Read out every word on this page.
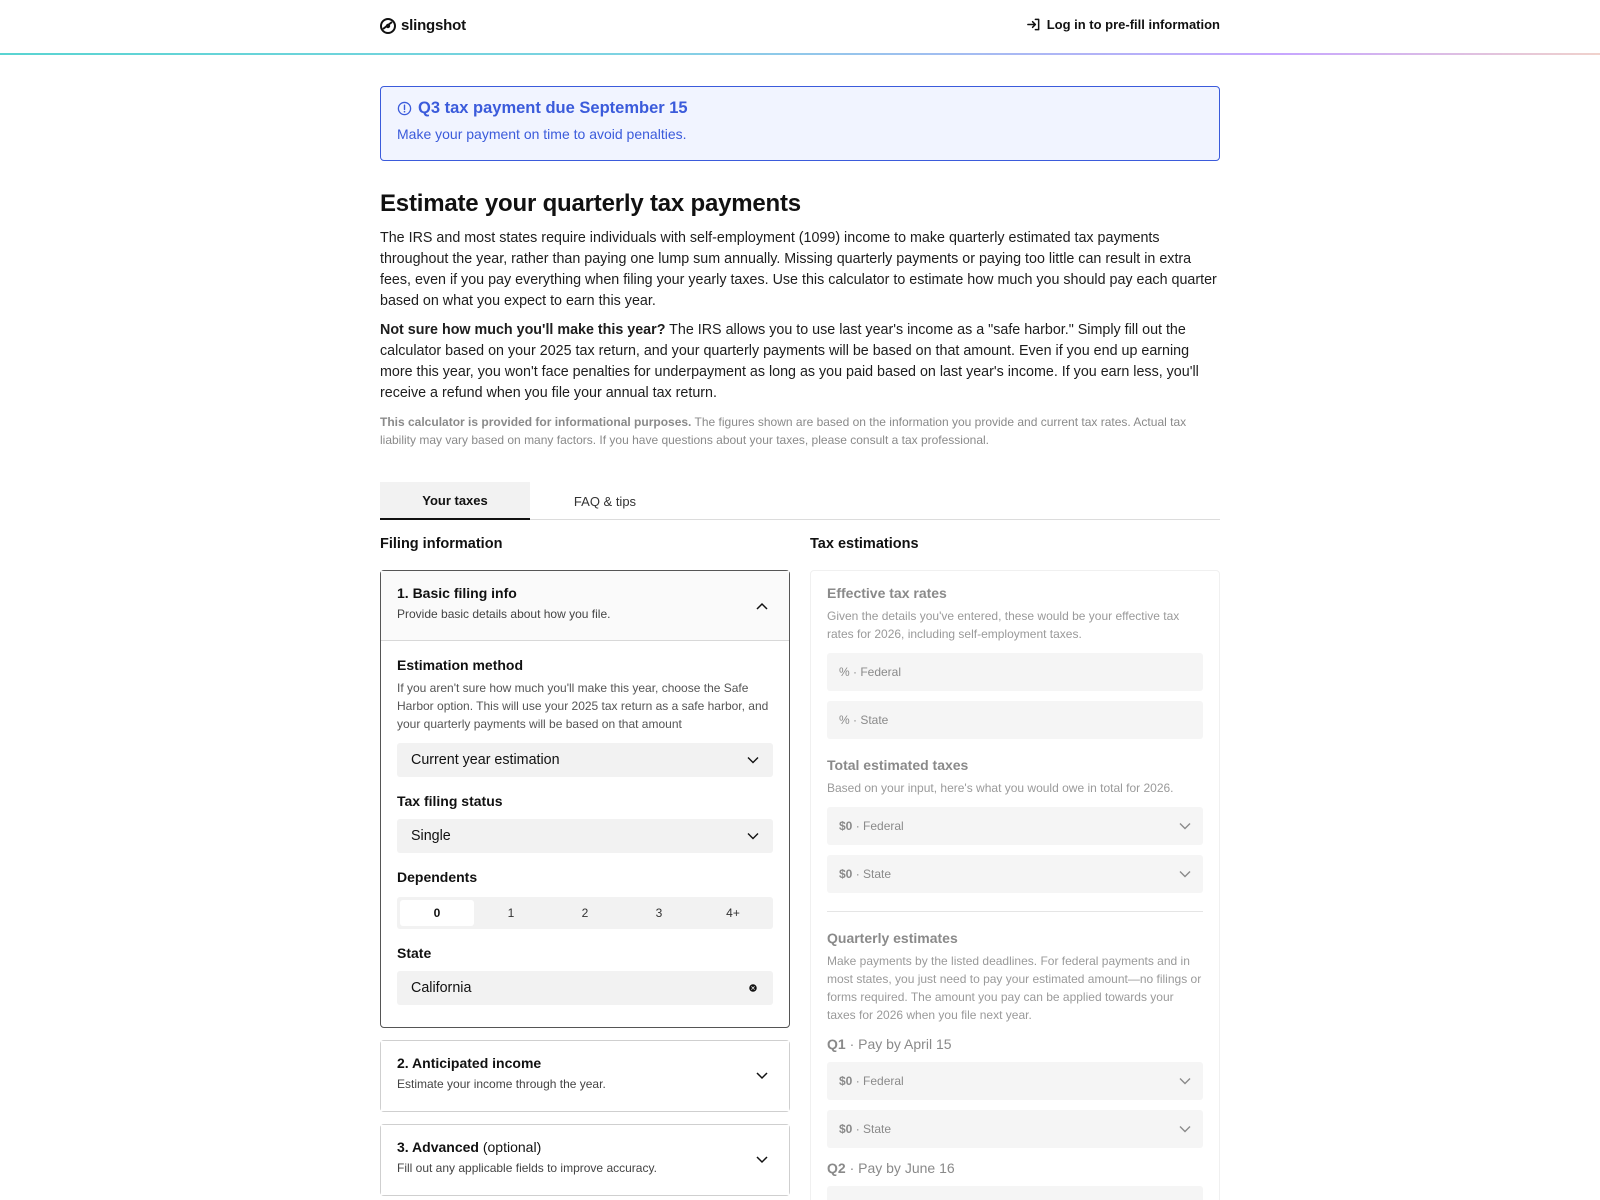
slingshot	Log in to pre-fill information
Q3 tax payment due September 15
Make your payment on time to avoid penalties.
Estimate your quarterly tax payments

The IRS and most states require individuals with self-employment (1099) income to make quarterly estimated tax payments throughout the year, rather than paying one lump sum annually. Missing quarterly payments or paying too little can result in extra fees, even if you pay everything when filing your yearly taxes. Use this calculator to estimate how much you should pay each quarter based on what you expect to earn this year.

Not sure how much you'll make this year? The IRS allows you to use last year's income as a "safe harbor." Simply fill out the calculator based on your 2025 tax return, and your quarterly payments will be based on that amount. Even if you end up earning more this year, you won't face penalties for underpayment as long as you paid based on last year's income. If you earn less, you'll receive a refund when you file your annual tax return.

This calculator is provided for informational purposes. The figures shown are based on the information you provide and current tax rates. Actual tax liability may vary based on many factors. If you have questions about your taxes, please consult a tax professional.

Your taxes	FAQ & tips
Filing information	Tax estimations
1. Basic filing info
Provide basic details about how you file.
Estimation method
If you aren't sure how much you'll make this year, choose the Safe Harbor option. This will use your 2025 tax return as a safe harbor, and your quarterly payments will be based on that amount
Current year estimation
Tax filing status
Single
Dependents
0	1	2	3	4+
State
California
2. Anticipated income
Estimate your income through the year.
3. Advanced (optional)
Fill out any applicable fields to improve accuracy.
Effective tax rates
Given the details you've entered, these would be your effective tax rates for 2026, including self-employment taxes.
% · Federal
% · State
Total estimated taxes
Based on your input, here's what you would owe in total for 2026.
$0 · Federal
$0 · State
Quarterly estimates
Make payments by the listed deadlines. For federal payments and in most states, you just need to pay your estimated amount—no filings or forms required. The amount you pay can be applied towards your taxes for 2026 when you file next year.
Q1 · Pay by April 15
$0 · Federal
$0 · State
Q2 · Pay by June 16
